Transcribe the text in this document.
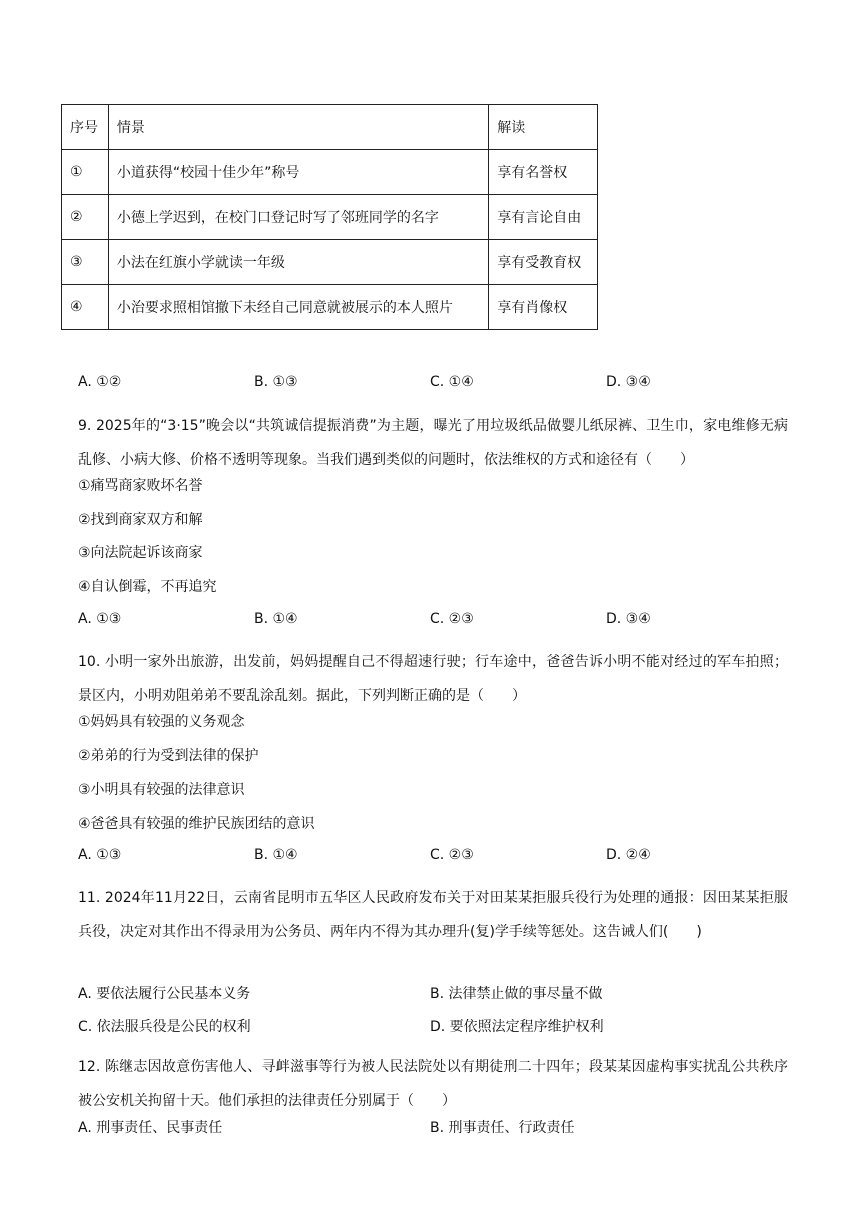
序号	情景	解读
①	小道获得“校园十佳少年”称号	享有名誉权
②	小德上学迟到，在校门口登记时写了邻班同学的名字	享有言论自由
③	小法在红旗小学就读一年级	享有受教育权
④	小治要求照相馆撤下未经自己同意就被展示的本人照片	享有肖像权
A. ①②	B. ①③	C. ①④	D. ③④
9. 2025年的“3·15”晚会以“共筑诚信提振消费”为主题，曝光了用垃圾纸品做婴儿纸尿裤、卫生巾，家电维修无病乱修、小病大修、价格不透明等现象。当我们遇到类似的问题时，依法维权的方式和途径有（　　）
①痛骂商家败坏名誉
②找到商家双方和解
③向法院起诉该商家
④自认倒霉，不再追究
A. ①③	B. ①④	C. ②③	D. ③④
10. 小明一家外出旅游，出发前，妈妈提醒自己不得超速行驶；行车途中，爸爸告诉小明不能对经过的军车拍照；景区内，小明劝阻弟弟不要乱涂乱刻。据此，下列判断正确的是（　　）
①妈妈具有较强的义务观念
②弟弟的行为受到法律的保护
③小明具有较强的法律意识
④爸爸具有较强的维护民族团结的意识
A. ①③	B. ①④	C. ②③	D. ②④
11. 2024年11月22日，云南省昆明市五华区人民政府发布关于对田某某拒服兵役行为处理的通报：因田某某拒服兵役，决定对其作出不得录用为公务员、两年内不得为其办理升(复)学手续等惩处。这告诫人们(　　)
A. 要依法履行公民基本义务	B. 法律禁止做的事尽量不做
C. 依法服兵役是公民的权利	D. 要依照法定程序维护权利
12. 陈继志因故意伤害他人、寻衅滋事等行为被人民法院处以有期徒刑二十四年；段某某因虚构事实扰乱公共秩序被公安机关拘留十天。他们承担的法律责任分别属于（　　）
A. 刑事责任、民事责任	B. 刑事责任、行政责任
